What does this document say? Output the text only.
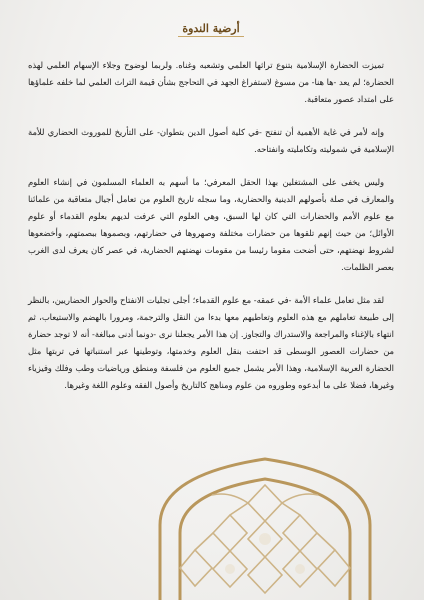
أرضية الندوة

تميزت الحضارة الإسلامية بتنوع تراثها العلمي وتشعبه وغناه. ولربما لوضوح وجلاء الإسهام العلمي لهذه الحضارة؛ لم يعد -ها هنا- من مسوغ لاستفراغ الجهد في التحاجج بشأن قيمة التراث العلمي لما خلفه علماؤها على امتداد عصور متعاقبة.

وإنه لأمر في غاية الأهمية أن تنفتح -في كلية أصول الدين بتطوان- على التأريخ للموروث الحضاري للأمة الإسلامية في شموليته وتكامليته وانفتاحه.

وليس يخفى على المشتغلين بهذا الحقل المعرفي؛ ما أسهم به العلماء المسلمون في إنشاء العلوم والمعارف في صلة بأصولهم الدينية والحضارية، وما سجله تاريخ العلوم من تعامل أجيال متعاقبة من علمائنا مع علوم الأمم والحضارات التي كان لها السبق، وهي العلوم التي عرفت لديهم بعلوم القدماء أو علوم الأوائل؛ من حيث إنهم تلقوها من حضارات مختلفة وصهروها في حضارتهم، وبصموها ببصمتهم، وأخضعوها لشروط نهضتهم، حتى أضحت مقوما رئيسا من مقومات نهضتهم الحضارية، في عصر كان يعرف لدى الغرب بعصر الظلمات.

لقد مثل تعامل علماء الأمة -في عمقه- مع علوم القدماء؛ أجلى تجليات الانفتاح والحوار الحضاريين، بالنظر إلى طبيعة تعاملهم مع هذه العلوم وتعاطيهم معها بدءا من النقل والترجمة، ومرورا بالهضم والاستيعاب، ثم انتهاء بالإغناء والمراجعة والاستدراك والتجاوز. إن هذا الأمر يجعلنا نرى -دونما أدنى مبالغة- أنه لا توجد حضارة من حضارات العصور الوسطى قد احتفت بنقل العلوم وخدمتها، وتوطينها عبر استنباتها في تربتها مثل الحضارة العربية الإسلامية، وهذا الأمر يشمل جميع العلوم من فلسفة ومنطق ورياضيات وطب وفلك وفيزياء وغيرها، فضلا على ما أبدعوه وطوروه من علوم ومناهج كالتاريخ وأصول الفقه وعلوم اللغة وغيرها.
